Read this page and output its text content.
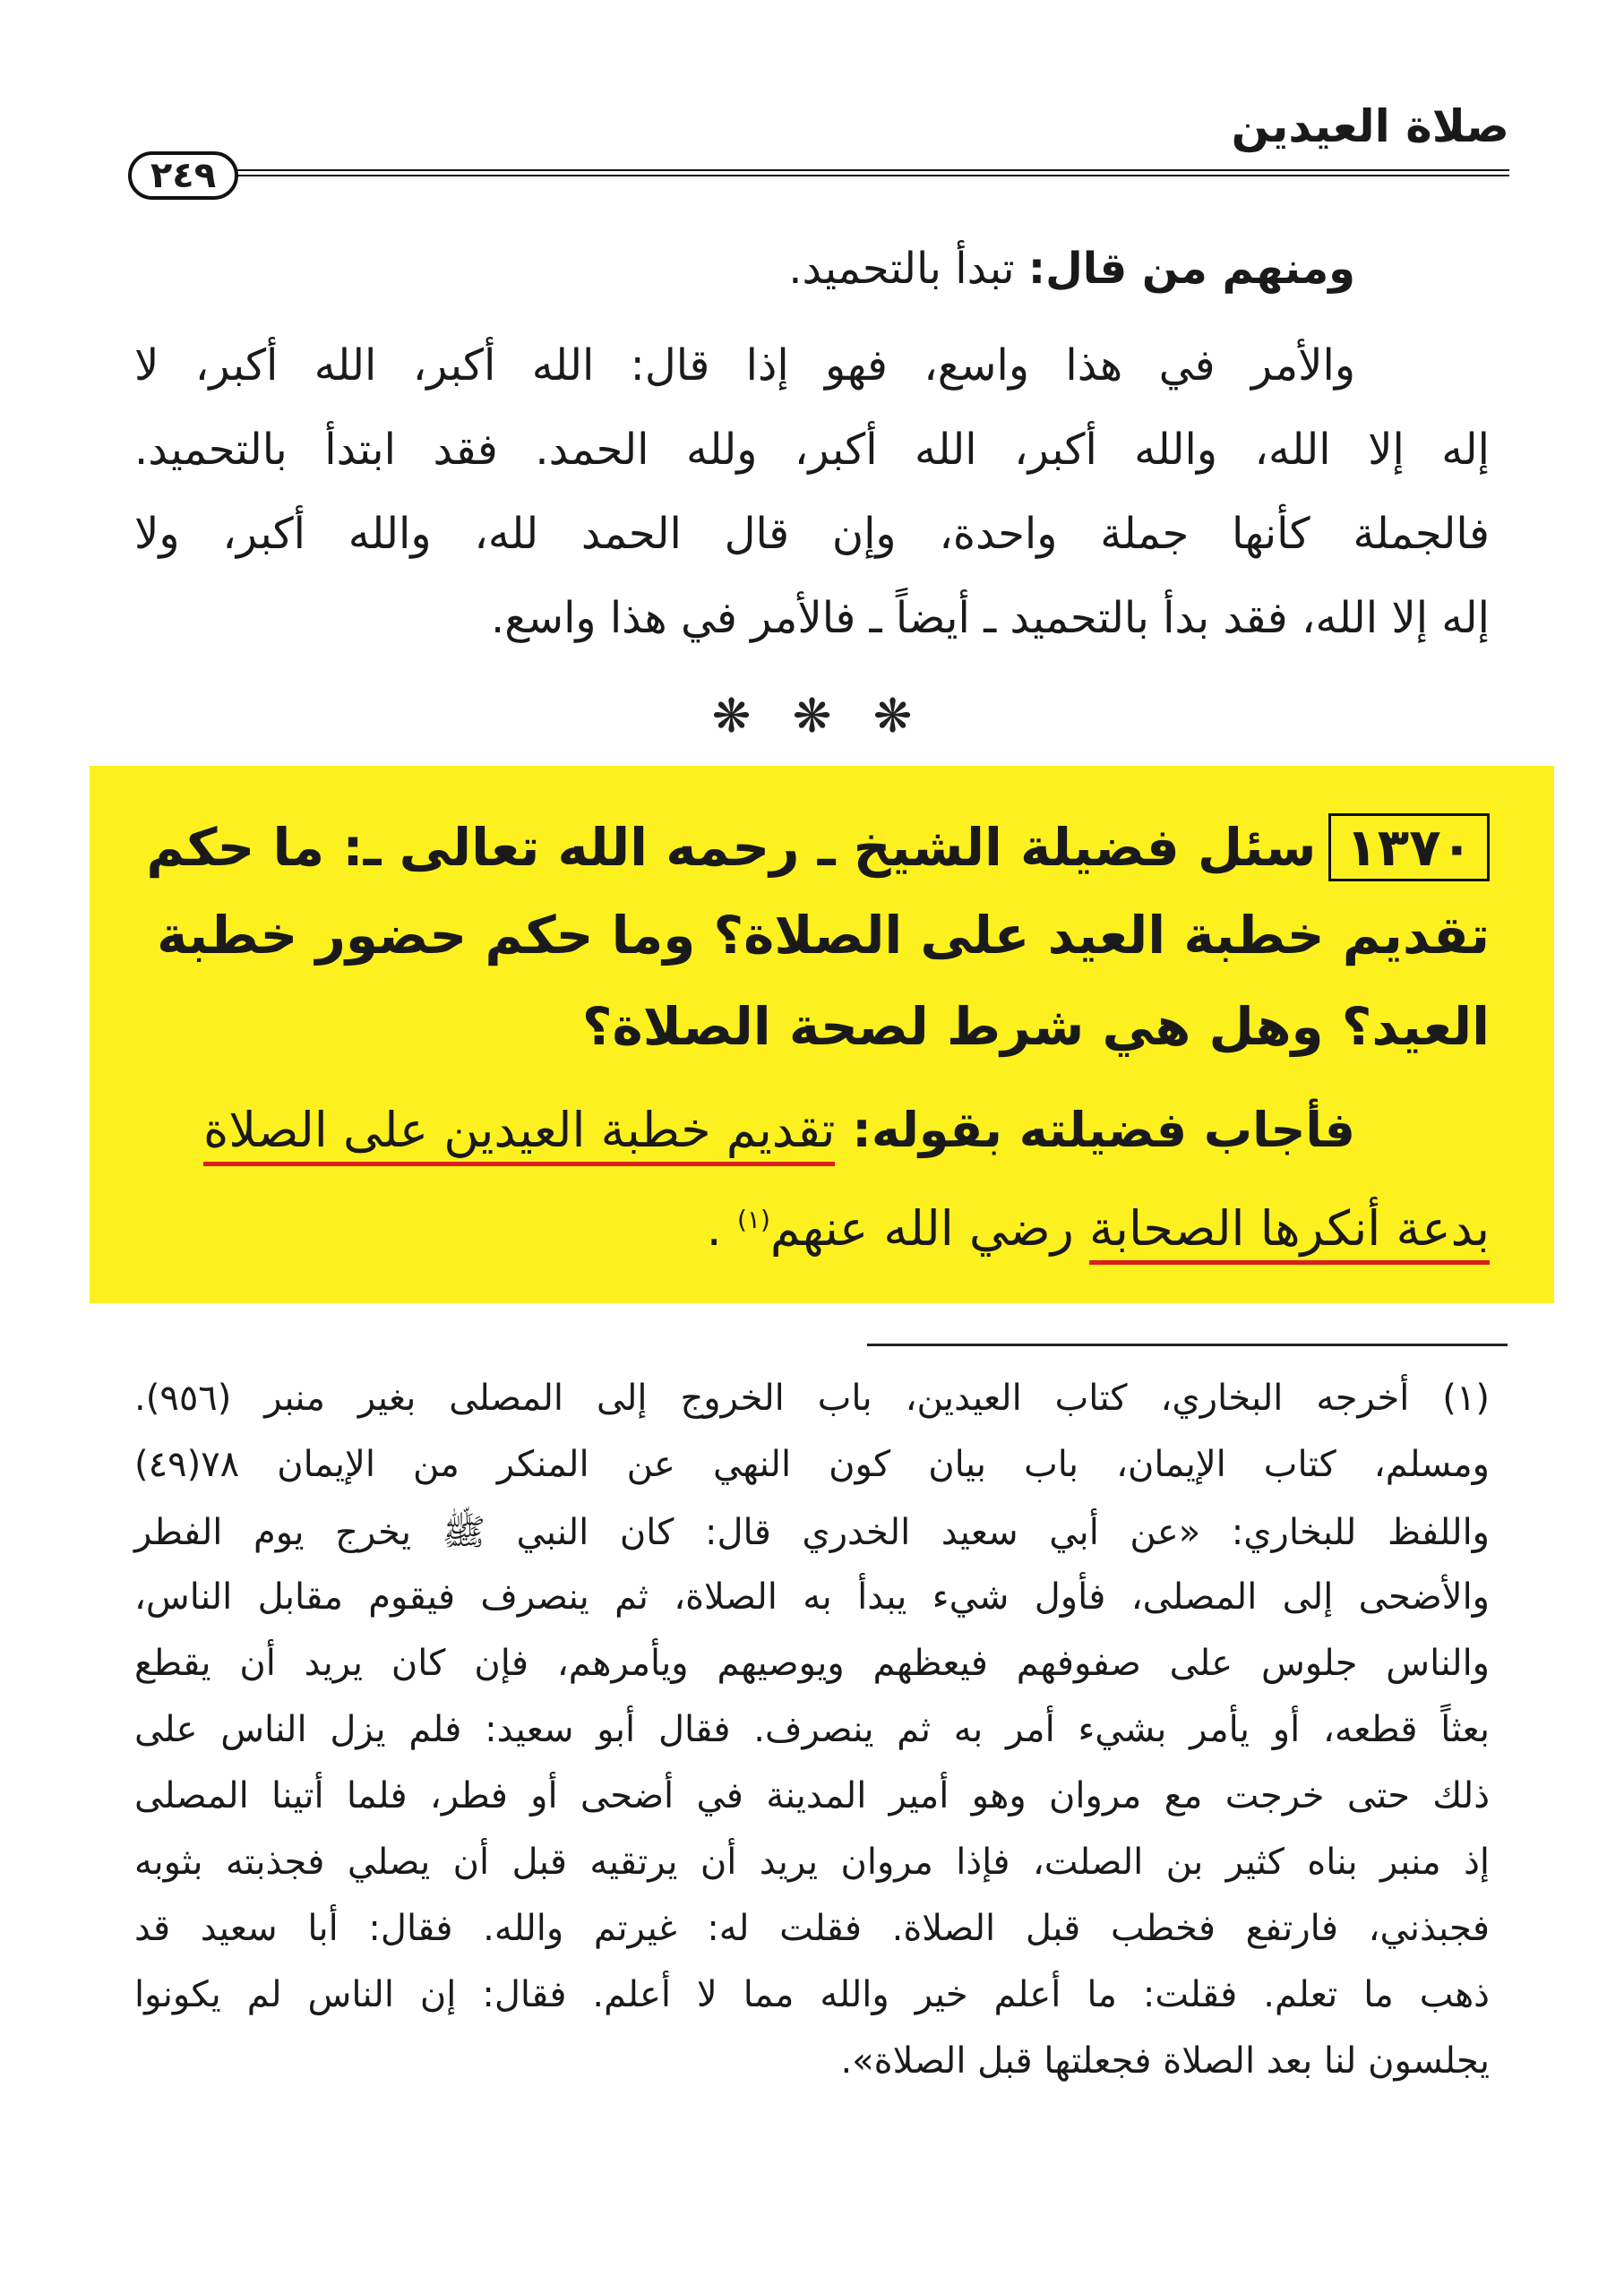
صلاة العيدين
٢٤٩
ومنهم من قال: تبدأ بالتحميد.
والأمر في هذا واسع، فهو إذا قال: الله أكبر، الله أكبر، لا
إله إلا الله، والله أكبر، الله أكبر، ولله الحمد. فقد ابتدأ بالتحميد.
فالجملة كأنها جملة واحدة، وإن قال الحمد لله، والله أكبر، ولا
إله إلا الله، فقد بدأ بالتحميد ـ أيضاً ـ فالأمر في هذا واسع.
❋ ❋ ❋
١٣٧٠سئل فضيلة الشيخ ـ رحمه الله تعالى ـ: ما حكم
تقديم خطبة العيد على الصلاة؟ وما حكم حضور خطبة
العيد؟ وهل هي شرط لصحة الصلاة؟
فأجاب فضيلته بقوله: تقديم خطبة العيدين على الصلاة
بدعة أنكرها الصحابة رضي الله عنهم$^{(١)}$ .
(١) أخرجه البخاري، كتاب العيدين، باب الخروج إلى المصلى بغير منبر (٩٥٦).
ومسلم، كتاب الإيمان، باب بيان كون النهي عن المنكر من الإيمان ٧٨(٤٩)
واللفظ للبخاري: «عن أبي سعيد الخدري قال: كان النبي ﷺ يخرج يوم الفطر
والأضحى إلى المصلى، فأول شيء يبدأ به الصلاة، ثم ينصرف فيقوم مقابل الناس،
والناس جلوس على صفوفهم فيعظهم ويوصيهم ويأمرهم، فإن كان يريد أن يقطع
بعثاً قطعه، أو يأمر بشيء أمر به ثم ينصرف. فقال أبو سعيد: فلم يزل الناس على
ذلك حتى خرجت مع مروان وهو أمير المدينة في أضحى أو فطر، فلما أتينا المصلى
إذ منبر بناه كثير بن الصلت، فإذا مروان يريد أن يرتقيه قبل أن يصلي فجذبته بثوبه
فجبذني، فارتفع فخطب قبل الصلاة. فقلت له: غيرتم والله. فقال: أبا سعيد قد
ذهب ما تعلم. فقلت: ما أعلم خير والله مما لا أعلم. فقال: إن الناس لم يكونوا
يجلسون لنا بعد الصلاة فجعلتها قبل الصلاة».
